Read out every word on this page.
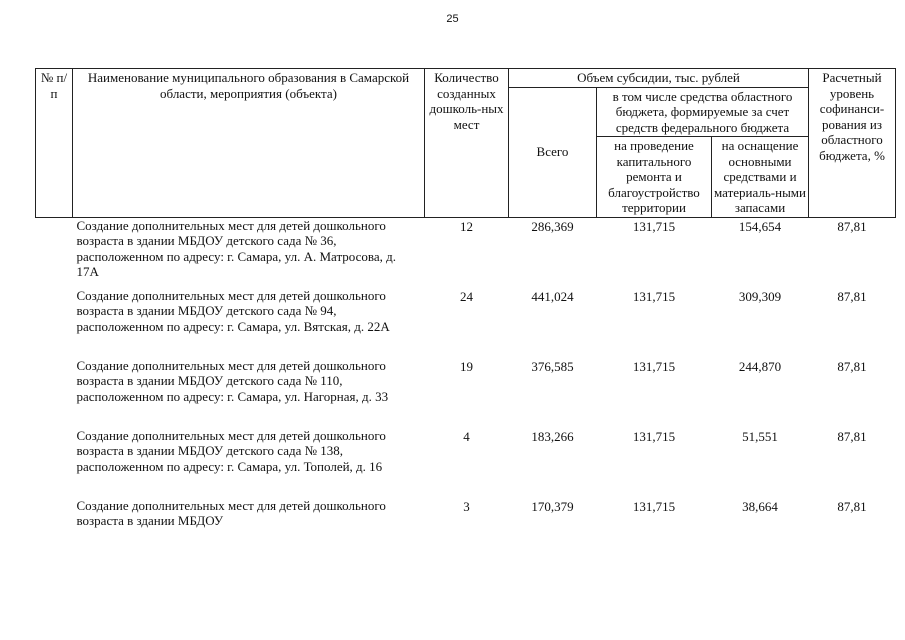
25
№ п/п	Наименование муниципального образования в Самарской области, мероприятия (объекта)	Количество созданных дошколь-ных мест	Объем субсидии, тыс. рублей			Расчетный уровень софинанси-рования из областного бюджета, %
			Всего	в том числе средства областного бюджета, формируемые за счет средств федерального бюджета		
				на проведение капитального ремонта и благоустройство территории	на оснащение основными средствами и материаль-ными запасами	
	Создание дополнительных мест для детей дошкольного возраста в здании МБДОУ детского сада № 36, расположенном по адресу: г. Самара, ул. А. Матросова, д. 17А	12	286,369	131,715	154,654	87,81
	Создание дополнительных мест для детей дошкольного возраста в здании МБДОУ детского сада № 94, расположенном по адресу: г. Самара, ул. Вятская, д. 22А	24	441,024	131,715	309,309	87,81
	Создание дополнительных мест для детей дошкольного возраста в здании МБДОУ детского сада № 110, расположенном по адресу: г. Самара, ул. Нагорная, д. 33	19	376,585	131,715	244,870	87,81
	Создание дополнительных мест для детей дошкольного возраста в здании МБДОУ детского сада № 138, расположенном по адресу: г. Самара, ул. Тополей, д. 16	4	183,266	131,715	51,551	87,81
	Создание дополнительных мест для детей дошкольного возраста в здании МБДОУ	3	170,379	131,715	38,664	87,81
